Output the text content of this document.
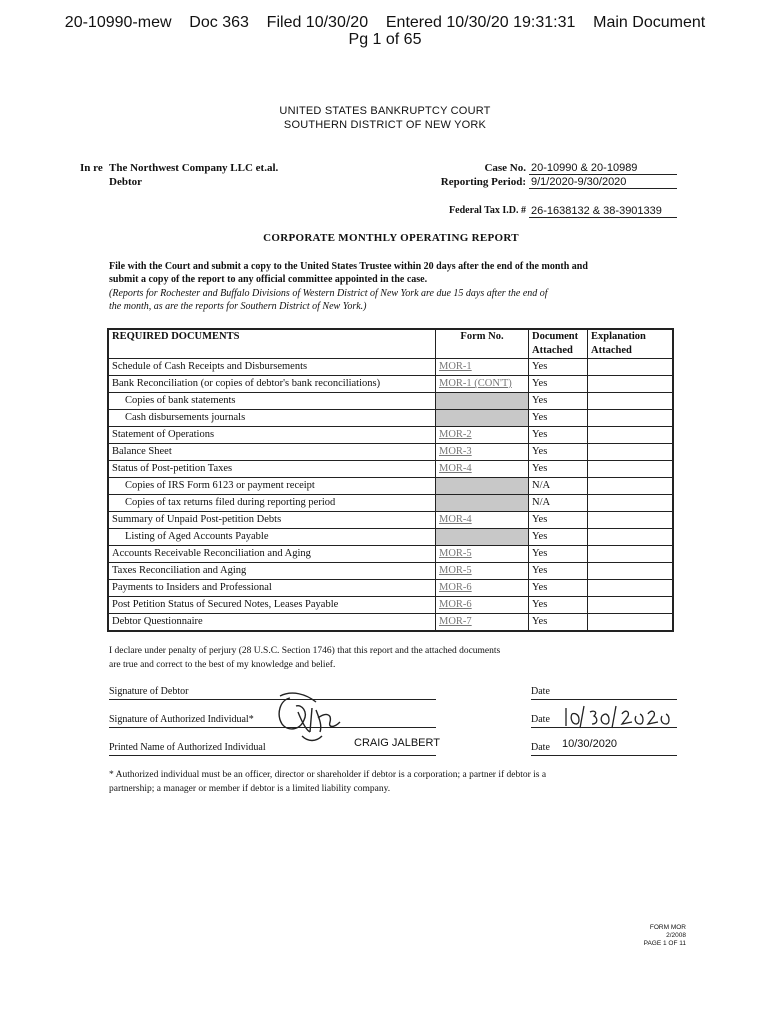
20-10990-mew    Doc 363    Filed 10/30/20    Entered 10/30/20 19:31:31    Main Document
Pg 1 of 65
UNITED STATES BANKRUPTCY COURT
SOUTHERN DISTRICT OF NEW YORK
In re The Northwest Company LLC et.al.
Debtor
Case No. 20-10990 & 20-10989
Reporting Period: 9/1/2020-9/30/2020
Federal Tax I.D. # 26-1638132 & 38-3901339
CORPORATE MONTHLY OPERATING REPORT
File with the Court and submit a copy to the United States Trustee within 20 days after the end of the month and
submit a copy of the report to any official committee appointed in the case.
(Reports for Rochester and Buffalo Divisions of Western District of New York are due 15 days after the end of
the month, as are the reports for Southern District of New York.)
REQUIRED DOCUMENTS	Form No.	Document Attached	Explanation Attached
Schedule of Cash Receipts and Disbursements	MOR-1	Yes	
Bank Reconciliation (or copies of debtor's bank reconciliations)	MOR-1 (CON'T)	Yes	
Copies of bank statements		Yes	
Cash disbursements journals		Yes	
Statement of Operations	MOR-2	Yes	
Balance Sheet	MOR-3	Yes	
Status of Post-petition Taxes	MOR-4	Yes	
Copies of IRS Form 6123 or payment receipt		N/A	
Copies of tax returns filed during reporting period		N/A	
Summary of Unpaid Post-petition Debts	MOR-4	Yes	
Listing of Aged Accounts Payable		Yes	
Accounts Receivable Reconciliation and Aging	MOR-5	Yes	
Taxes Reconciliation and Aging	MOR-5	Yes	
Payments to Insiders and Professional	MOR-6	Yes	
Post Petition Status of Secured Notes, Leases Payable	MOR-6	Yes	
Debtor Questionnaire	MOR-7	Yes	
I declare under penalty of perjury (28 U.S.C. Section 1746) that this report and the attached documents
are true and correct to the best of my knowledge and belief.
Signature of Debtor	Date
Signature of Authorized Individual*	Date
Printed Name of Authorized Individual	CRAIG JALBERT	Date 10/30/2020
* Authorized individual must be an officer, director or shareholder if debtor is a corporation; a partner if debtor is a
partnership; a manager or member if debtor is a limited liability company.
FORM MOR
2/2008
PAGE 1 OF 11
